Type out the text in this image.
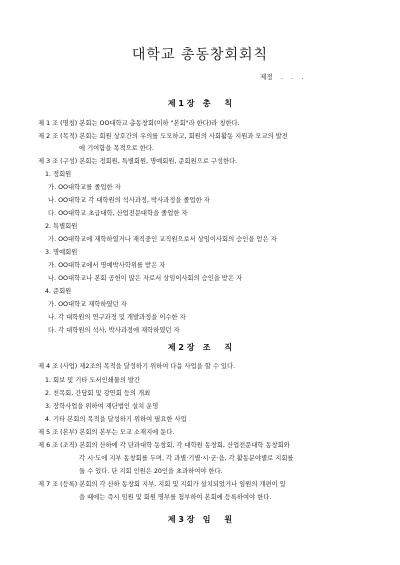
대학교 총동창회회칙
제정    .    .    .
제 1 장   총     칙
제 1 조 (명칭) 본회는 OO대학교 총동창회(이하 "본회"라 한다)라 칭한다.
제 2 조 (목적) 본회는 회원 상호간의 우의를 도모하고, 회원의 사회활동 지원과 모교의 발전
에 기여함을 목적으로 한다.
제 3 조 (구성) 본회는 정회원, 특별회원, 명예회원, 준회원으로 구성한다.
1. 정회원
가. OO대학교를 졸업한 자
나. OO대학교 각 대학원의 석사과정, 박사과정을 졸업한 자
다. OO대학교 초급대학, 산업전문대학을 졸업한 자
2. 특별회원
가. OO대학교에 재학하였거나 재직중인 교직원으로서 상임이사회의 승인을 얻은 자
3. 명예회원
가. OO대학교에서 명예박사학위를 받은 자
나. OO대학교나 본회 공헌이 많은 자로서 상임이사회의 승인을 받은 자
4. 준회원
가. OO대학교 재학하였던 자
나. 각 대학원의 연구과정 및 개발과정을 이수한 자
다. 각 대학원의 석사, 박사과정에 재학하였던 자
제 2 장   조     직
제 4 조 (사업) 제2조의 목적을 달성하기 위하여 다음 사업을 할 수 있다.
1. 회보 및 기타 도서인쇄물의 발간
2. 친목회, 간담회 및 강연회 등의 개최
3. 장학사업을 위하여 재단법인 설치 운영
4. 기타 본회의 목적을 달성하기 위하여 필요한 사업
제 5 조 (본부) 본회의 본부는 모교 소재지에 둔다.
제 6 조 (조직) 본회의 산하에 각 단과대학 동창회, 각 대학원 동창회, 산업전문대학 동창회와
각 시·도에 지부 동창회를 두며, 각 과별·기별·시·군·읍, 각 활동분야별로 지회를
둘 수 있다. 단 지회 인원은 20인을 초과하여야 한다.
제 7 조 (등록) 본회의 각 산하 동창회 지부, 지회 및 지회가 설치되었거나 임원의 개편이 있
을 때에는 즉시 임원 및 회원 명부를 첨부하여 본회에 등록하여야 한다.
제 3 장   임     원
